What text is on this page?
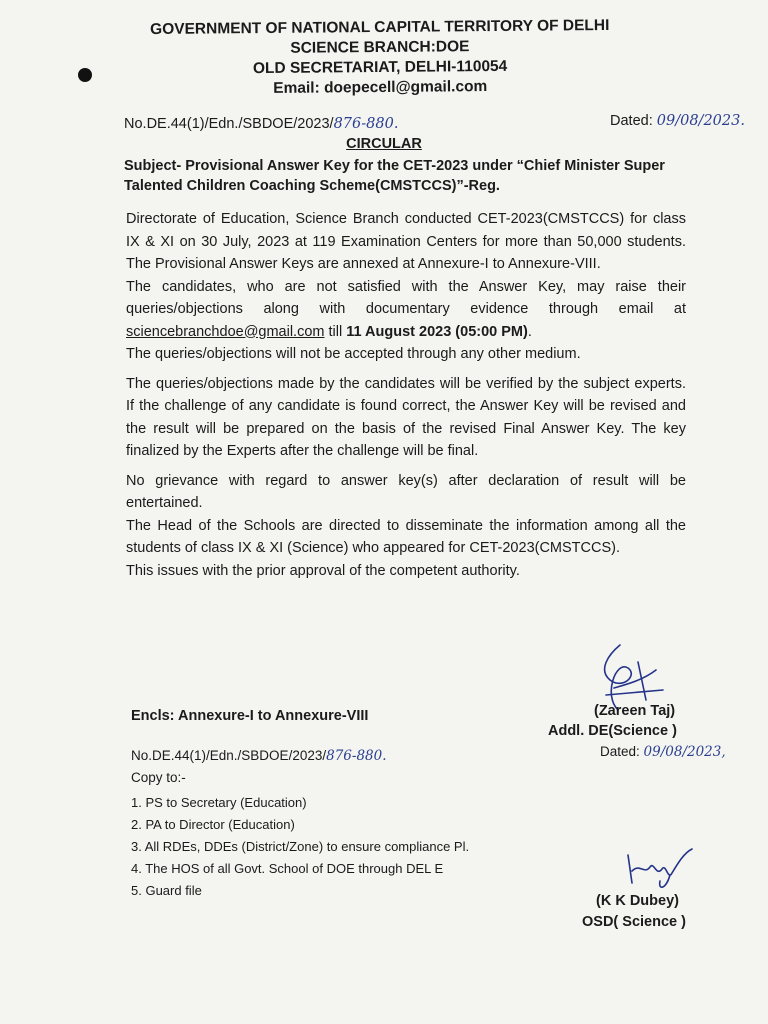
GOVERNMENT OF NATIONAL CAPITAL TERRITORY OF DELHI
SCIENCE BRANCH:DOE
OLD SECRETARIAT, DELHI-110054
Email: doepecell@gmail.com
No.DE.44(1)/Edn./SBDOE/2023/876-880.	Dated: 09/08/2023.
CIRCULAR
Subject- Provisional Answer Key for the CET-2023 under “Chief Minister Super Talented Children Coaching Scheme(CMSTCCS)”-Reg.

Directorate of Education, Science Branch conducted CET-2023(CMSTCCS) for class IX & XI on 30 July, 2023 at 119 Examination Centers for more than 50,000 students. The Provisional Answer Keys are annexed at Annexure-I to Annexure-VIII.

The candidates, who are not satisfied with the Answer Key, may raise their queries/objections along with documentary evidence through email at sciencebranchdoe@gmail.com till 11 August 2023 (05:00 PM).

The queries/objections will not be accepted through any other medium.

The queries/objections made by the candidates will be verified by the subject experts. If the challenge of any candidate is found correct, the Answer Key will be revised and the result will be prepared on the basis of the revised Final Answer Key. The key finalized by the Experts after the challenge will be final.

No grievance with regard to answer key(s) after declaration of result will be entertained.

The Head of the Schools are directed to disseminate the information among all the students of class IX & XI (Science) who appeared for CET-2023(CMSTCCS).

This issues with the prior approval of the competent authority.

(Zareen Taj)
Addl. DE(Science )
Encls: Annexure-I to Annexure-VIII
No.DE.44(1)/Edn./SBDOE/2023/876-880.	Dated: 09/08/2023,
Copy to:-
1. PS to Secretary (Education)
2. PA to Director (Education)
3. All RDEs, DDEs (District/Zone) to ensure compliance Pl.
4. The HOS of all Govt. School of DOE through DEL E
5. Guard file
(K K Dubey)
OSD( Science )
